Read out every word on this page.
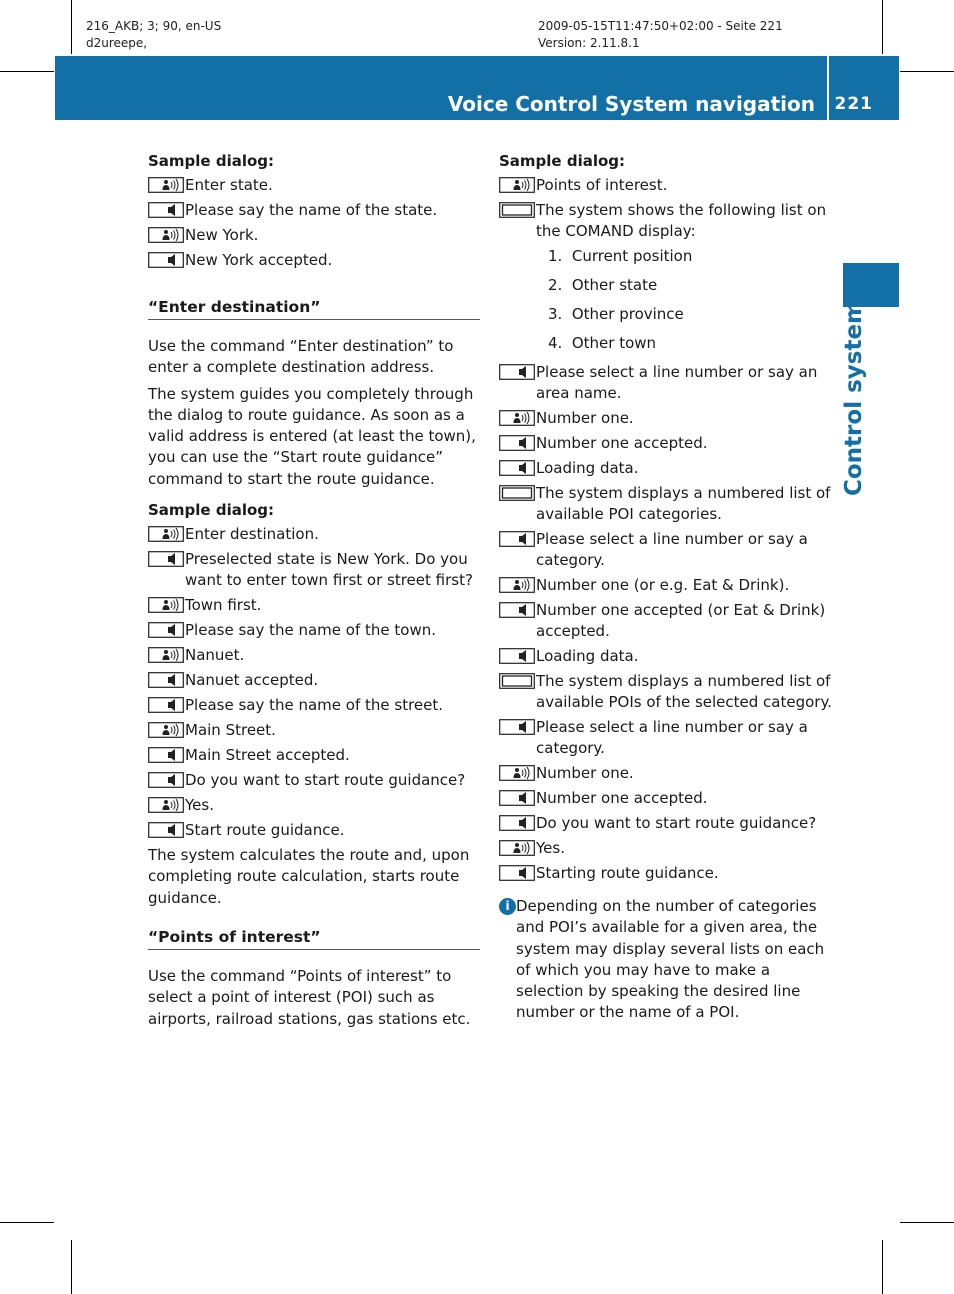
216_AKB; 3; 90, en-US
d2ureepe,
2009-05-15T11:47:50+02:00 - Seite 221
Version: 2.11.8.1
Voice Control System navigation 221
Control systems
Sample dialog:
Enter state.
Please say the name of the state.
New York.
New York accepted.
“Enter destination”

Use the command “Enter destination” to enter a complete destination address.

The system guides you completely through the dialog to route guidance. As soon as a valid address is entered (at least the town), you can use the “Start route guidance” command to start the route guidance.

Sample dialog:
Enter destination.
Preselected state is New York. Do you want to enter town first or street first?
Town first.
Please say the name of the town.
Nanuet.
Nanuet accepted.
Please say the name of the street.
Main Street.
Main Street accepted.
Do you want to start route guidance?
Yes.
Start route guidance.

The system calculates the route and, upon completing route calculation, starts route guidance.

“Points of interest”

Use the command “Points of interest” to select a point of interest (POI) such as airports, railroad stations, gas stations etc.

Sample dialog:
Points of interest.
The system shows the following list on the COMAND display:
1.  Current position
2.  Other state
3.  Other province
4.  Other town
Please select a line number or say an area name.
Number one.
Number one accepted.
Loading data.
The system displays a numbered list of available POI categories.
Please select a line number or say a category.
Number one (or e.g. Eat & Drink).
Number one accepted (or Eat & Drink) accepted.
Loading data.
The system displays a numbered list of available POIs of the selected category.
Please select a line number or say a category.
Number one.
Number one accepted.
Do you want to start route guidance?
Yes.
Starting route guidance.
i Depending on the number of categories and POI’s available for a given area, the system may display several lists on each of which you may have to make a selection by speaking the desired line number or the name of a POI.
